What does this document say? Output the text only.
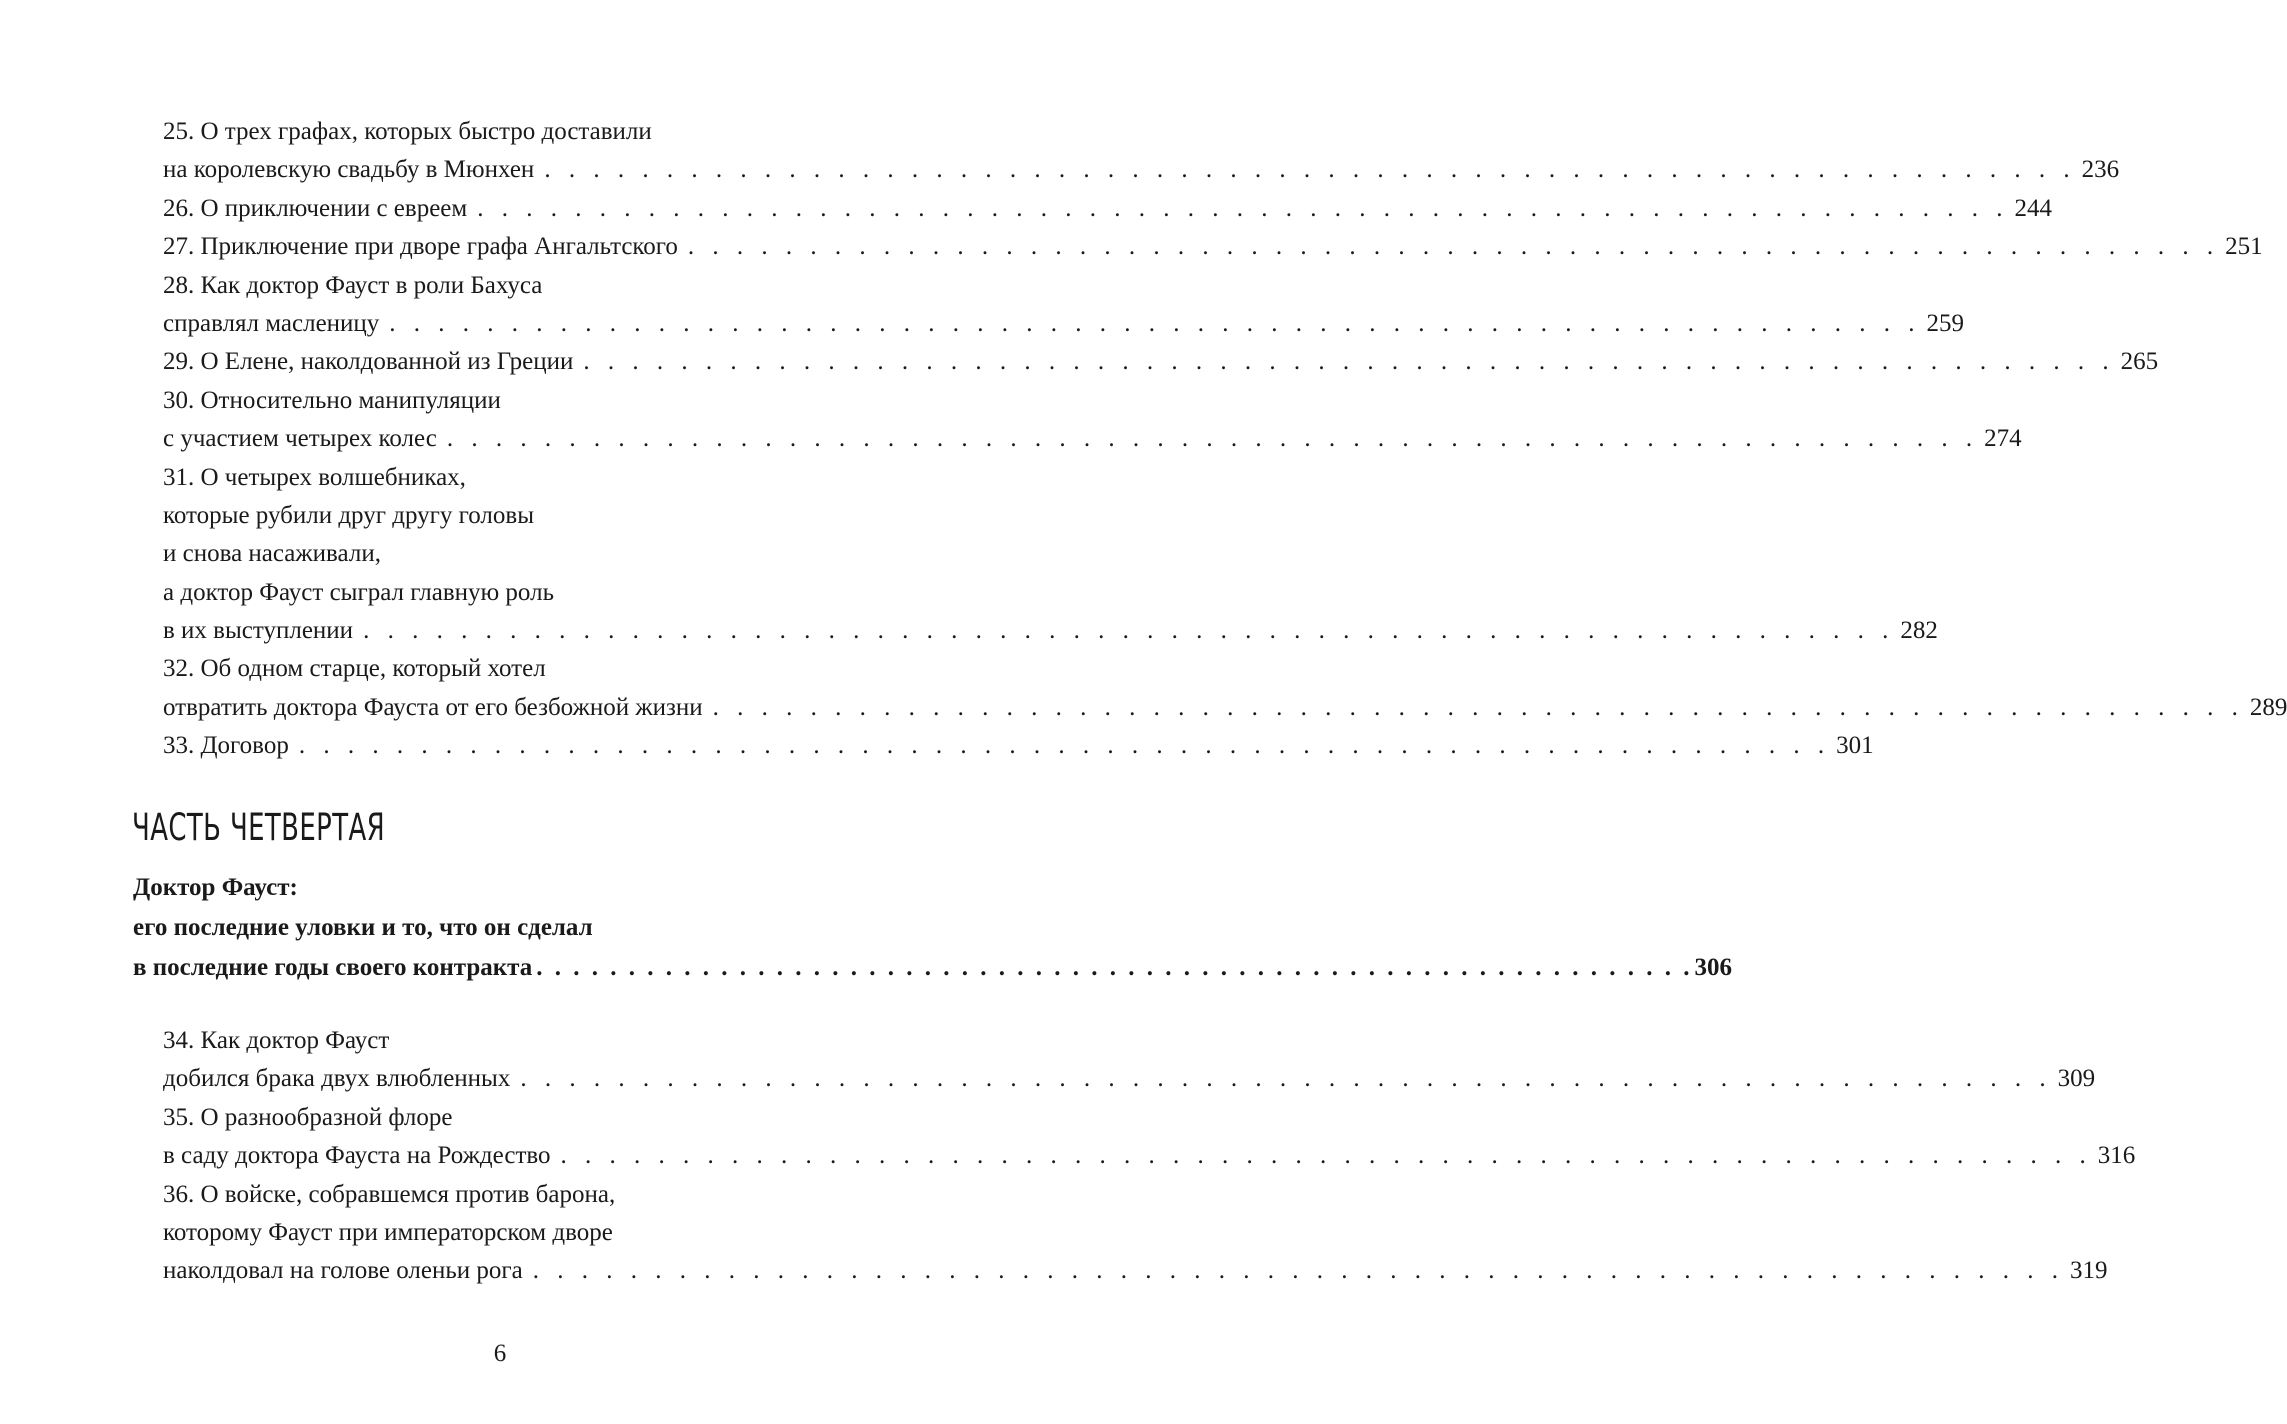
25. О трех графах, которых быстро доставили
на королевскую свадьбу в Мюнхен . . . . . . . . . . . . . . . . . . . . . . . . . . . . . . . . . . . . . . . . . . . . . . . . . . . . . . . . . . . . . . . 236
26. О приключении с евреем . . . . . . . . . . . . . . . . . . . . . . . . . . . . . . . . . . . . . . . . . . . . . . . . . . . . . . . . . . . . . . . 244
27. Приключение при дворе графа Ангальтского . . . . . . . . . . . . . . . . . . . . . . . . . . . . . . . . . . . . . . . . . . . . . . . . . . . . . . . . . . . . . . . 251
28. Как доктор Фауст в роли Бахуса
справлял масленицу . . . . . . . . . . . . . . . . . . . . . . . . . . . . . . . . . . . . . . . . . . . . . . . . . . . . . . . . . . . . . . . 259
29. О Елене, наколдованной из Греции . . . . . . . . . . . . . . . . . . . . . . . . . . . . . . . . . . . . . . . . . . . . . . . . . . . . . . . . . . . . . . . 265
30. Относительно манипуляции
с участием четырех колес . . . . . . . . . . . . . . . . . . . . . . . . . . . . . . . . . . . . . . . . . . . . . . . . . . . . . . . . . . . . . . . 274
31. О четырех волшебниках,
которые рубили друг другу головы
и снова насаживали,
а доктор Фауст сыграл главную роль
в их выступлении . . . . . . . . . . . . . . . . . . . . . . . . . . . . . . . . . . . . . . . . . . . . . . . . . . . . . . . . . . . . . . . 282
32. Об одном старце, который хотел
отвратить доктора Фауста от его безбожной жизни . . . . . . . . . . . . . . . . . . . . . . . . . . . . . . . . . . . . . . . . . . . . . . . . . . . . . . . . . . . . . . . 289
33. Договор . . . . . . . . . . . . . . . . . . . . . . . . . . . . . . . . . . . . . . . . . . . . . . . . . . . . . . . . . . . . . . . 301
ЧАСТЬ ЧЕТВЕРТАЯ
Доктор Фауст:
его последние уловки и то, что он сделал
в последние годы своего контракта . . . . . . . . . . . . . . . . . . . . . . . . . . . . . . . . . . . . . . . . . . . . . . . . . . . . . . . . . . . . . . . 306
34. Как доктор Фауст
добился брака двух влюбленных . . . . . . . . . . . . . . . . . . . . . . . . . . . . . . . . . . . . . . . . . . . . . . . . . . . . . . . . . . . . . . . 309
35. О разнообразной флоре
в саду доктора Фауста на Рождество . . . . . . . . . . . . . . . . . . . . . . . . . . . . . . . . . . . . . . . . . . . . . . . . . . . . . . . . . . . . . . . 316
36. О войске, собравшемся против барона,
которому Фауст при императорском дворе
наколдовал на голове оленьи рога . . . . . . . . . . . . . . . . . . . . . . . . . . . . . . . . . . . . . . . . . . . . . . . . . . . . . . . . . . . . . . . 319
6
